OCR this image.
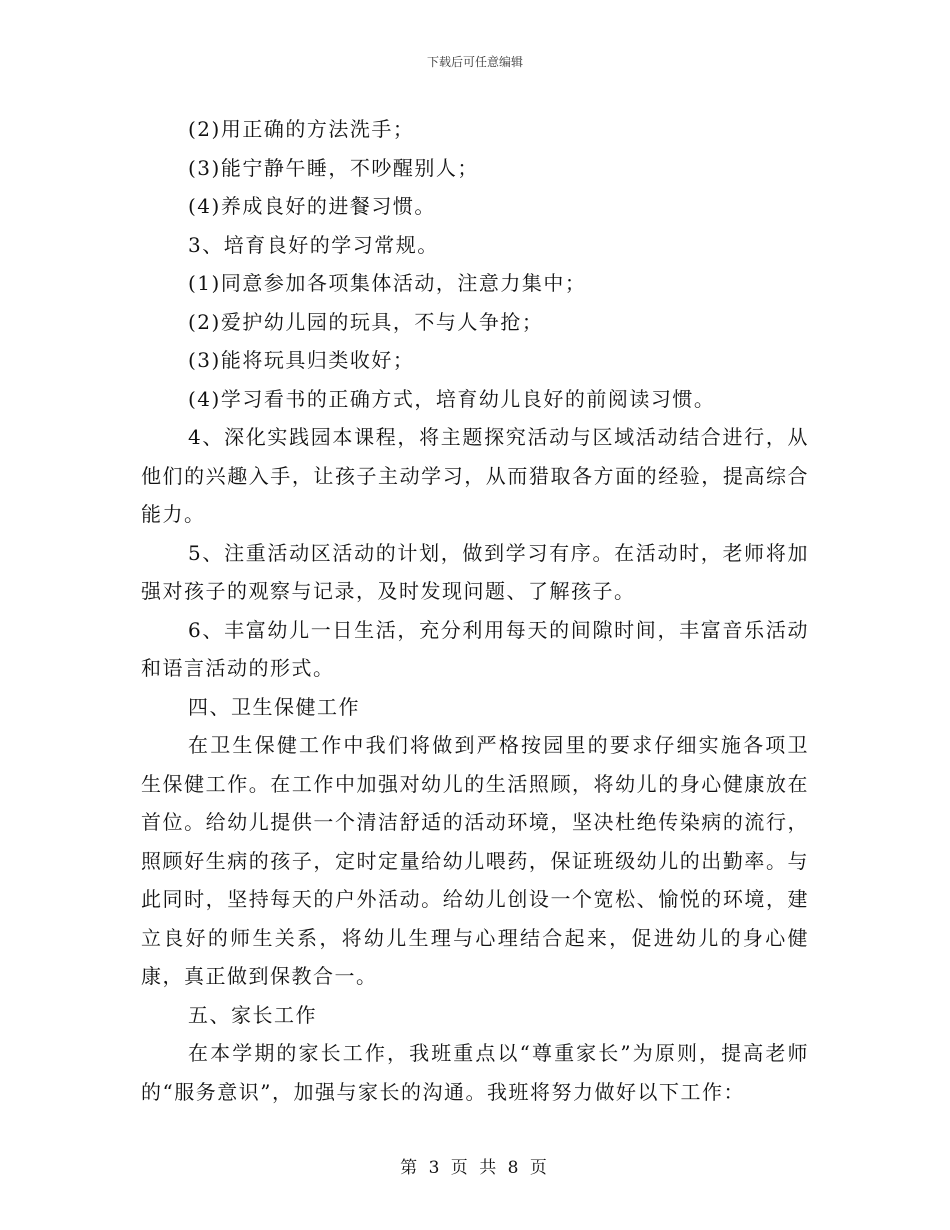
下载后可任意编辑

(2)用正确的方法洗手；

(3)能宁静午睡，不吵醒别人；

(4)养成良好的进餐习惯。

3、培育良好的学习常规。

(1)同意参加各项集体活动，注意力集中；

(2)爱护幼儿园的玩具，不与人争抢；

(3)能将玩具归类收好；

(4)学习看书的正确方式，培育幼儿良好的前阅读习惯。

4、深化实践园本课程，将主题探究活动与区域活动结合进行，从他们的兴趣入手，让孩子主动学习，从而猎取各方面的经验，提高综合能力。

5、注重活动区活动的计划，做到学习有序。在活动时，老师将加强对孩子的观察与记录，及时发现问题、了解孩子。

6、丰富幼儿一日生活，充分利用每天的间隙时间，丰富音乐活动和语言活动的形式。

四、卫生保健工作

在卫生保健工作中我们将做到严格按园里的要求仔细实施各项卫生保健工作。在工作中加强对幼儿的生活照顾，将幼儿的身心健康放在首位。给幼儿提供一个清洁舒适的活动环境，坚决杜绝传染病的流行，照顾好生病的孩子，定时定量给幼儿喂药，保证班级幼儿的出勤率。与此同时，坚持每天的户外活动。给幼儿创设一个宽松、愉悦的环境，建立良好的师生关系，将幼儿生理与心理结合起来，促进幼儿的身心健康，真正做到保教合一。

五、家长工作

在本学期的家长工作，我班重点以“尊重家长”为原则，提高老师的“服务意识”，加强与家长的沟通。我班将努力做好以下工作：

第 3 页 共 8 页
